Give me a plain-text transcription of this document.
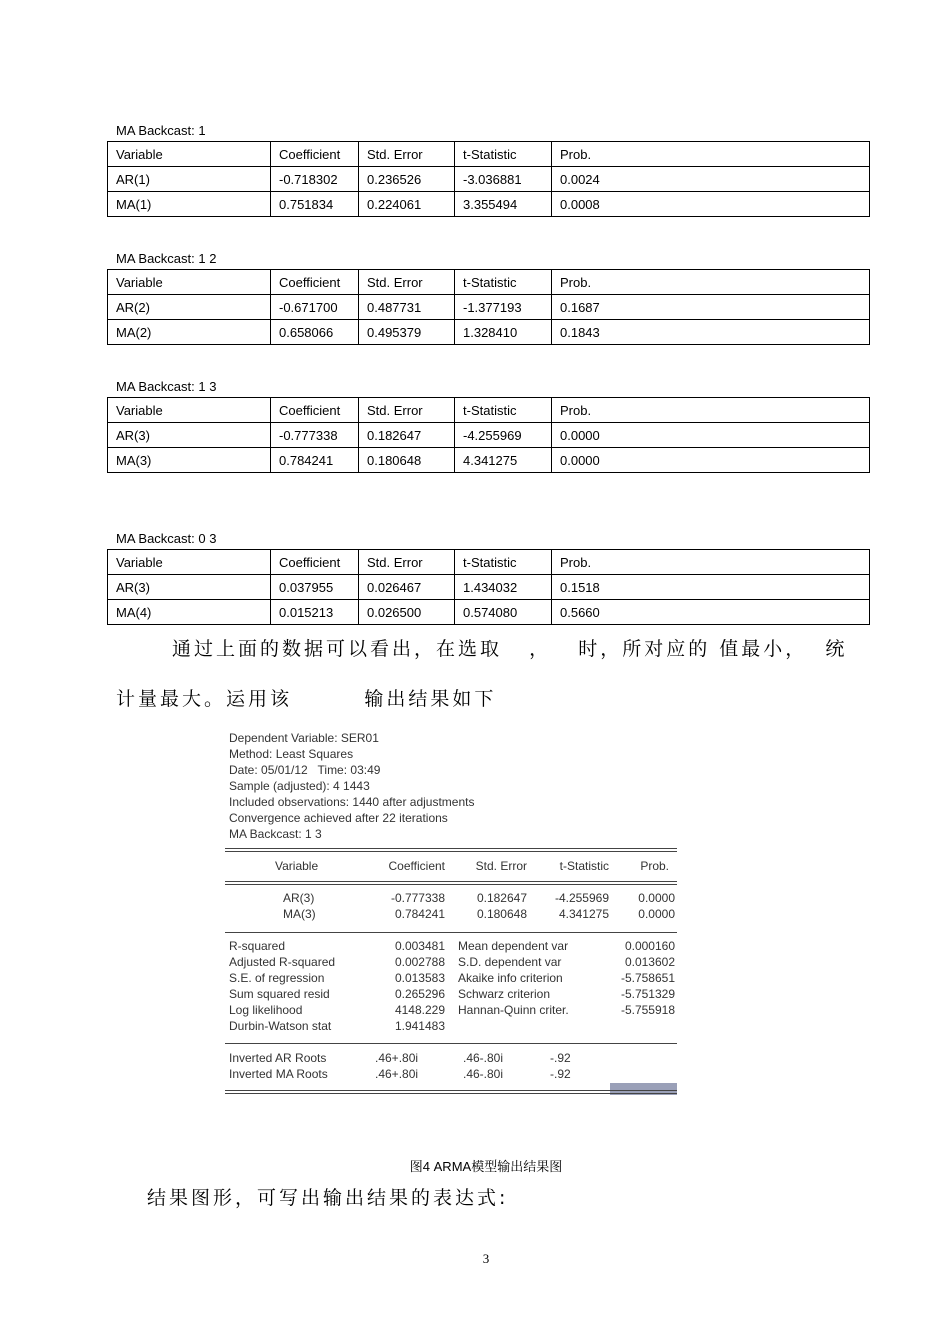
MA Backcast: 1
Variable	Coefficient	Std. Error	t-Statistic	Prob.
AR(1)	-0.718302	0.236526	-3.036881	0.0024
MA(1)	0.751834	0.224061	3.355494	0.0008
MA Backcast: 1 2
Variable	Coefficient	Std. Error	t-Statistic	Prob.
AR(2)	-0.671700	0.487731	-1.377193	0.1687
MA(2)	0.658066	0.495379	1.328410	0.1843
MA Backcast: 1 3
Variable	Coefficient	Std. Error	t-Statistic	Prob.
AR(3)	-0.777338	0.182647	-4.255969	0.0000
MA(3)	0.784241	0.180648	4.341275	0.0000
MA Backcast: 0 3
Variable	Coefficient	Std. Error	t-Statistic	Prob.
AR(3)	0.037955	0.026467	1.434032	0.1518
MA(4)	0.015213	0.026500	0.574080	0.5660
通过上面的数据可以看出，在选取   ，   时，所对应的 值最小，  统
计量最大。运用该        输出结果如下
Dependent Variable: SER01
Method: Least Squares
Date: 05/01/12   Time: 03:49
Sample (adjusted): 4 1443
Included observations: 1440 after adjustments
Convergence achieved after 22 iterations
MA Backcast: 1 3
Variable	Coefficient	Std. Error	t-Statistic	Prob.
AR(3)	-0.777338	0.182647	-4.255969	0.0000
MA(3)	0.784241	0.180648	4.341275	0.0000
R-squared	0.003481 Mean dependent var	0.000160
Adjusted R-squared	0.002788 S.D. dependent var	0.013602
S.E. of regression	0.013583 Akaike info criterion	-5.758651
Sum squared resid	0.265296 Schwarz criterion	-5.751329
Log likelihood	4148.229 Hannan-Quinn criter.	-5.755918
Durbin-Watson stat	1.941483
Inverted AR Roots	.46+.80i	.46-.80i	-.92
Inverted MA Roots	.46+.80i	.46-.80i	-.92
图4 ARMA模型输出结果图
结果图形，可写出输出结果的表达式:
3
